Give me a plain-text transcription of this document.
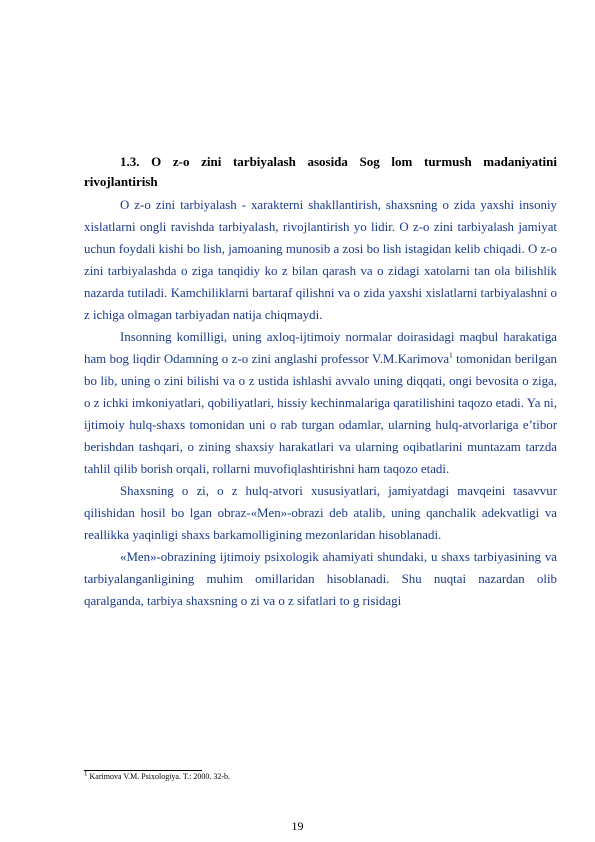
1.3. O z-o zini tarbiyalash asosida Sog lom turmush madaniyatini rivojlantirish

O z-o zini tarbiyalash - xarakterni shakllantirish, shaxsning o zida yaxshi insoniy xislatlarni ongli ravishda tarbiyalash, rivojlantirish yo lidir. O z-o zini tarbiyalash jamiyat uchun foydali kishi bo lish, jamoaning munosib a zosi bo lish istagidan kelib chiqadi. O z-o zini tarbiyalashda o ziga tanqidiy ko z bilan qarash va o zidagi xatolarni tan ola bilishlik nazarda tutiladi. Kamchiliklarni bartaraf qilishni va o zida yaxshi xislatlarni tarbiyalashni o z ichiga olmagan tarbiyadan natija chiqmaydi.

Insonning komilligi, uning axloq-ijtimoiy normalar doirasidagi maqbul harakatiga ham bog liqdir Odamning o z-o zini anglashi professor V.M.Karimova$^1$ tomonidan berilgan bo lib, uning o zini bilishi va o z ustida ishlashi avvalo uning diqqati, ongi bevosita o ziga, o z ichki imkoniyatlari, qobiliyatlari, hissiy kechinmalariga qaratilishini taqozo etadi. Ya ni, ijtimoiy hulq-shaxs tomonidan uni o rab turgan odamlar, ularning hulq-atvorlariga e’tibor berishdan tashqari, o zining shaxsiy harakatlari va ularning oqibatlarini muntazam tarzda tahlil qilib borish orqali, rollarni muvofiqlashtirishni ham taqozo etadi.

Shaxsning o zi, o z hulq-atvori xususiyatlari, jamiyatdagi mavqeini tasavvur qilishidan hosil bo lgan obraz-«Men»-obrazi deb atalib, uning qanchalik adekvatligi va reallikka yaqinligi shaxs barkamolligining mezonlaridan hisoblanadi.

«Men»-obrazining ijtimoiy psixologik ahamiyati shundaki, u shaxs tarbiyasining va tarbiyalanganligining muhim omillaridan hisoblanadi. Shu nuqtai nazardan olib qaralganda, tarbiya shaxsning o zi va o z sifatlari to g risidagi

$^1$ Karimova V.M. Psixologiya. T.: 2000. 32-b.
19
